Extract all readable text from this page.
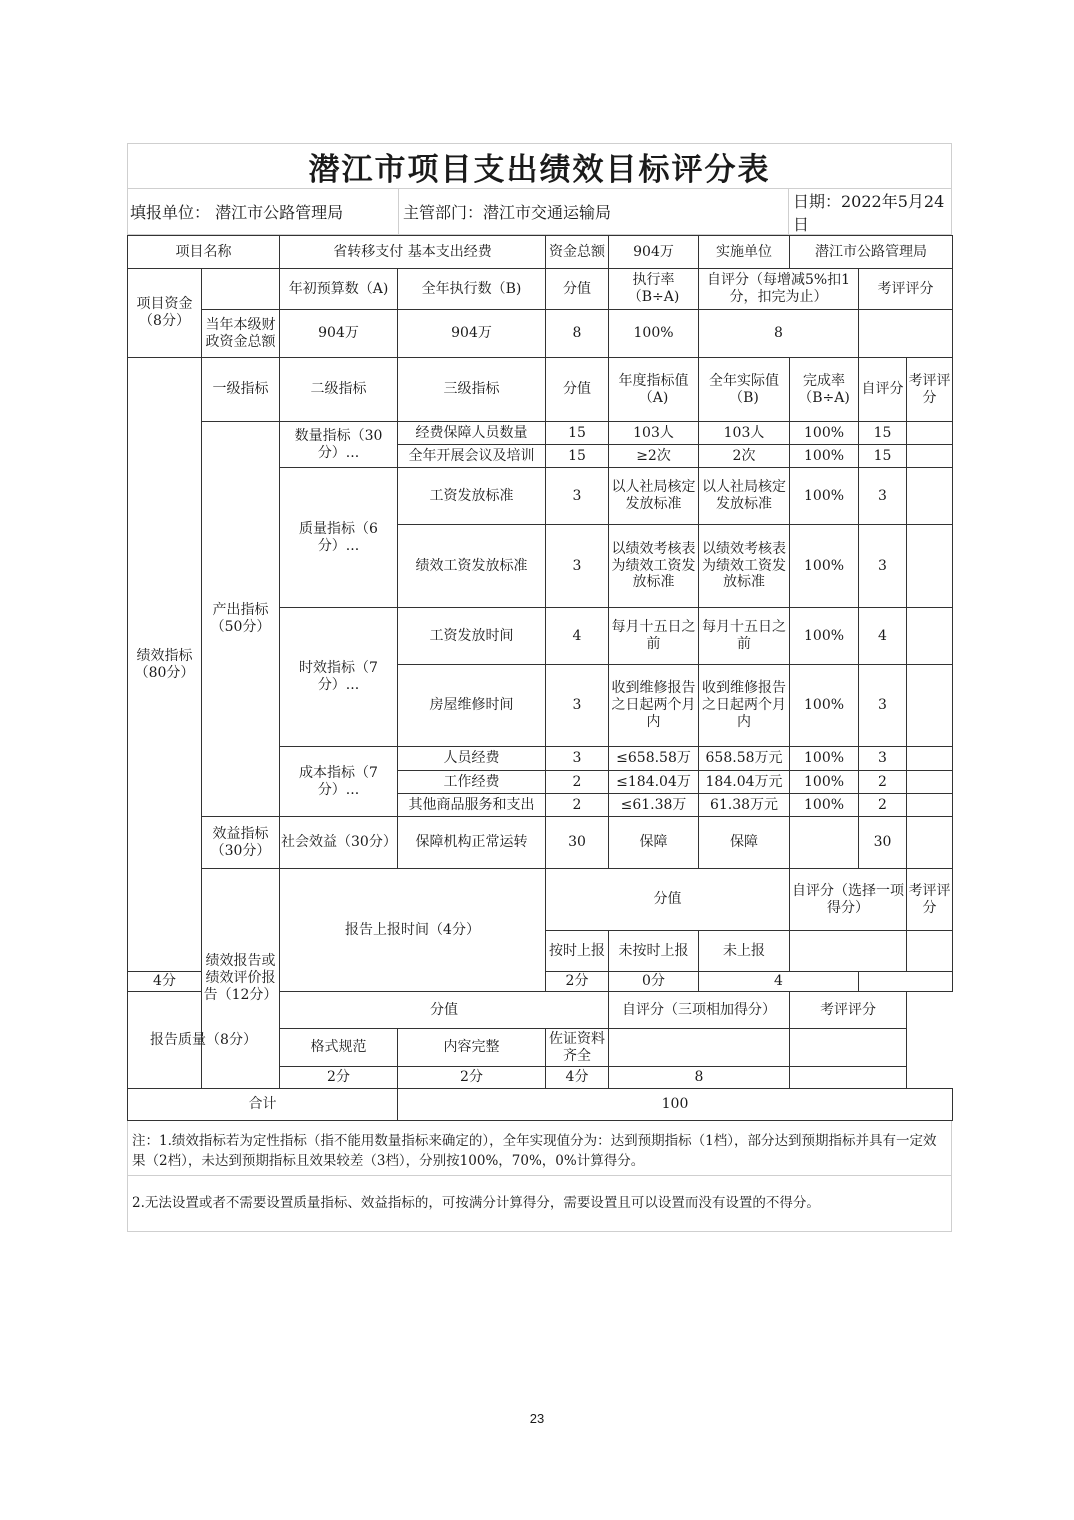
潜江市项目支出绩效目标评分表
填报单位： 潜江市公路管理局	主管部门：潜江市交通运输局
日期：2022年5月24日
项目名称		省转移支付 基本支出经费		资金总额	904万	实施单位	潜江市公路管理局			
项目资金（8分）		年初预算数（A)	全年执行数（B)	分值	执行率（B÷A)	自评分（每增减5%扣1分，扣完为止）		考评评分		
	当年本级财政资金总额	904万	904万	8	100%	8				
绩效指标（80分）	一级指标	二级指标	三级指标	分值	年度指标值（A)	全年实际值（B)	完成率（B÷A)	自评分	考评评分	
	产出指标（50分）	数量指标（30分）...	经费保障人员数量	15	103人	103人	100%	15		
			全年开展会议及培训	15	≥2次	2次	100%	15		
		质量指标（6分）...	工资发放标准	3	以人社局核定发放标准	以人社局核定发放标准	100%	3		
			绩效工资发放标准	3	以绩效考核表为绩效工资发放标准	以绩效考核表为绩效工资发放标准	100%	3		
		时效指标（7分）...	工资发放时间	4	每月十五日之前	每月十五日之前	100%	4		
			房屋维修时间	3	收到维修报告之日起两个月内	收到维修报告之日起两个月内	100%	3		
		成本指标（7分）...	人员经费	3	≤658.58万	658.58万元	100%	3		
			工作经费	2	≤184.04万	184.04万元	100%	2		
			其他商品服务和支出	2	≤61.38万	61.38万元	100%	2		
	效益指标（30分）	社会效益（30分）	保障机构正常运转	30	保障	保障		30		
	绩效报告或绩效评价报告（12分）	报告上报时间（4分）		分值			自评分（选择一项得分）		考评评分	
				按时上报	未按时上报	未上报				
4分				2分	0分	4				
报告质量（8分）		分值			自评分（三项相加得分）		考评评分			
		格式规范	内容完整	佐证资料齐全						
		2分	2分	4分	8					
合计			100							
注：1.绩效指标若为定性指标（指不能用数量指标来确定的），全年实现值分为：达到预期指标（1档），部分达到预期指标并具有一定效果（2档），未达到预期指标且效果较差（3档），分别按100%，70%，0%计算得分。
2.无法设置或者不需要设置质量指标、效益指标的，可按满分计算得分，需要设置且可以设置而没有设置的不得分。
23
